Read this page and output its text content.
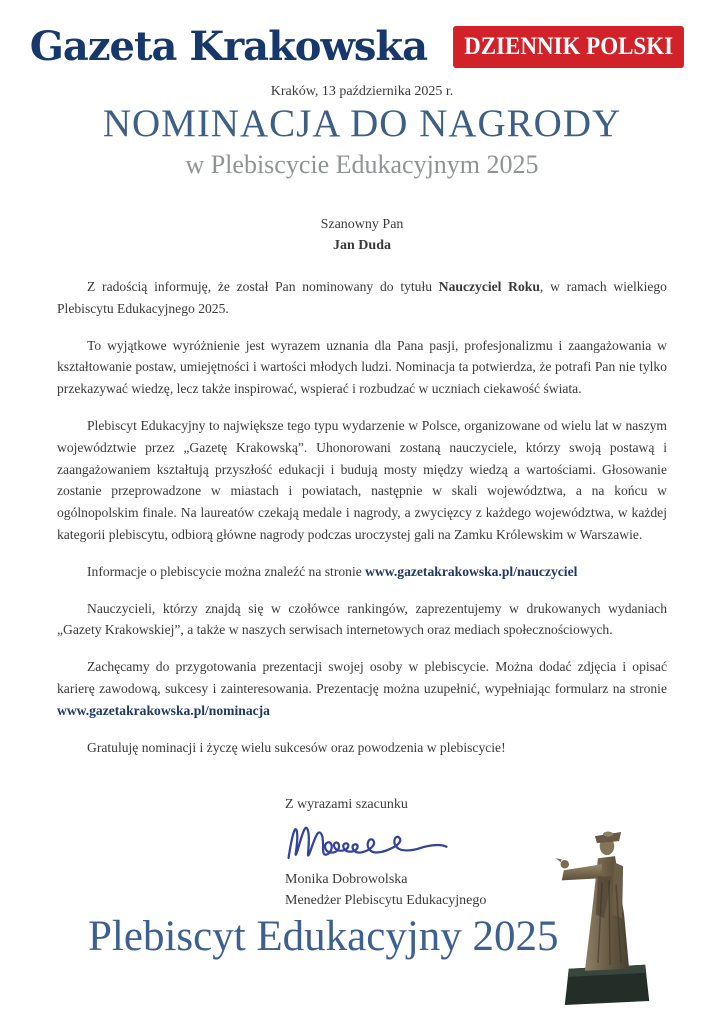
Gazeta Krakowska	DZIENNIK POLSKI
Kraków, 13 października 2025 r.
NOMINACJA DO NAGRODY
w Plebiscycie Edukacyjnym 2025
Szanowny Pan
Jan Duda

Z radością informuję, że został Pan nominowany do tytułu Nauczyciel Roku, w ramach wielkiego Plebiscytu Edukacyjnego 2025.

To wyjątkowe wyróżnienie jest wyrazem uznania dla Pana pasji, profesjonalizmu i zaangażowania w kształtowanie postaw, umiejętności i wartości młodych ludzi. Nominacja ta potwierdza, że potrafi Pan nie tylko przekazywać wiedzę, lecz także inspirować, wspierać i rozbudzać w uczniach ciekawość świata.

Plebiscyt Edukacyjny to największe tego typu wydarzenie w Polsce, organizowane od wielu lat w naszym województwie przez „Gazetę Krakowską”. Uhonorowani zostaną nauczyciele, którzy swoją postawą i zaangażowaniem kształtują przyszłość edukacji i budują mosty między wiedzą a wartościami. Głosowanie zostanie przeprowadzone w miastach i powiatach, następnie w skali województwa, a na końcu w ogólnopolskim finale. Na laureatów czekają medale i nagrody, a zwycięzcy z każdego województwa, w każdej kategorii plebiscytu, odbiorą główne nagrody podczas uroczystej gali na Zamku Królewskim w Warszawie.

Informacje o plebiscycie można znaleźć na stronie www.gazetakrakowska.pl/nauczyciel

Nauczycieli, którzy znajdą się w czołówce rankingów, zaprezentujemy w drukowanych wydaniach „Gazety Krakowskiej”, a także w naszych serwisach internetowych oraz mediach społecznościowych.

Zachęcamy do przygotowania prezentacji swojej osoby w plebiscycie. Można dodać zdjęcia i opisać karierę zawodową, sukcesy i zainteresowania. Prezentację można uzupełnić, wypełniając formularz na stronie www.gazetakrakowska.pl/nominacja

Gratuluję nominacji i życzę wielu sukcesów oraz powodzenia w plebiscycie!

Z wyrazami szacunku
Monika Dobrowolska
Menedżer Plebiscytu Edukacyjnego
Plebiscyt Edukacyjny 2025
